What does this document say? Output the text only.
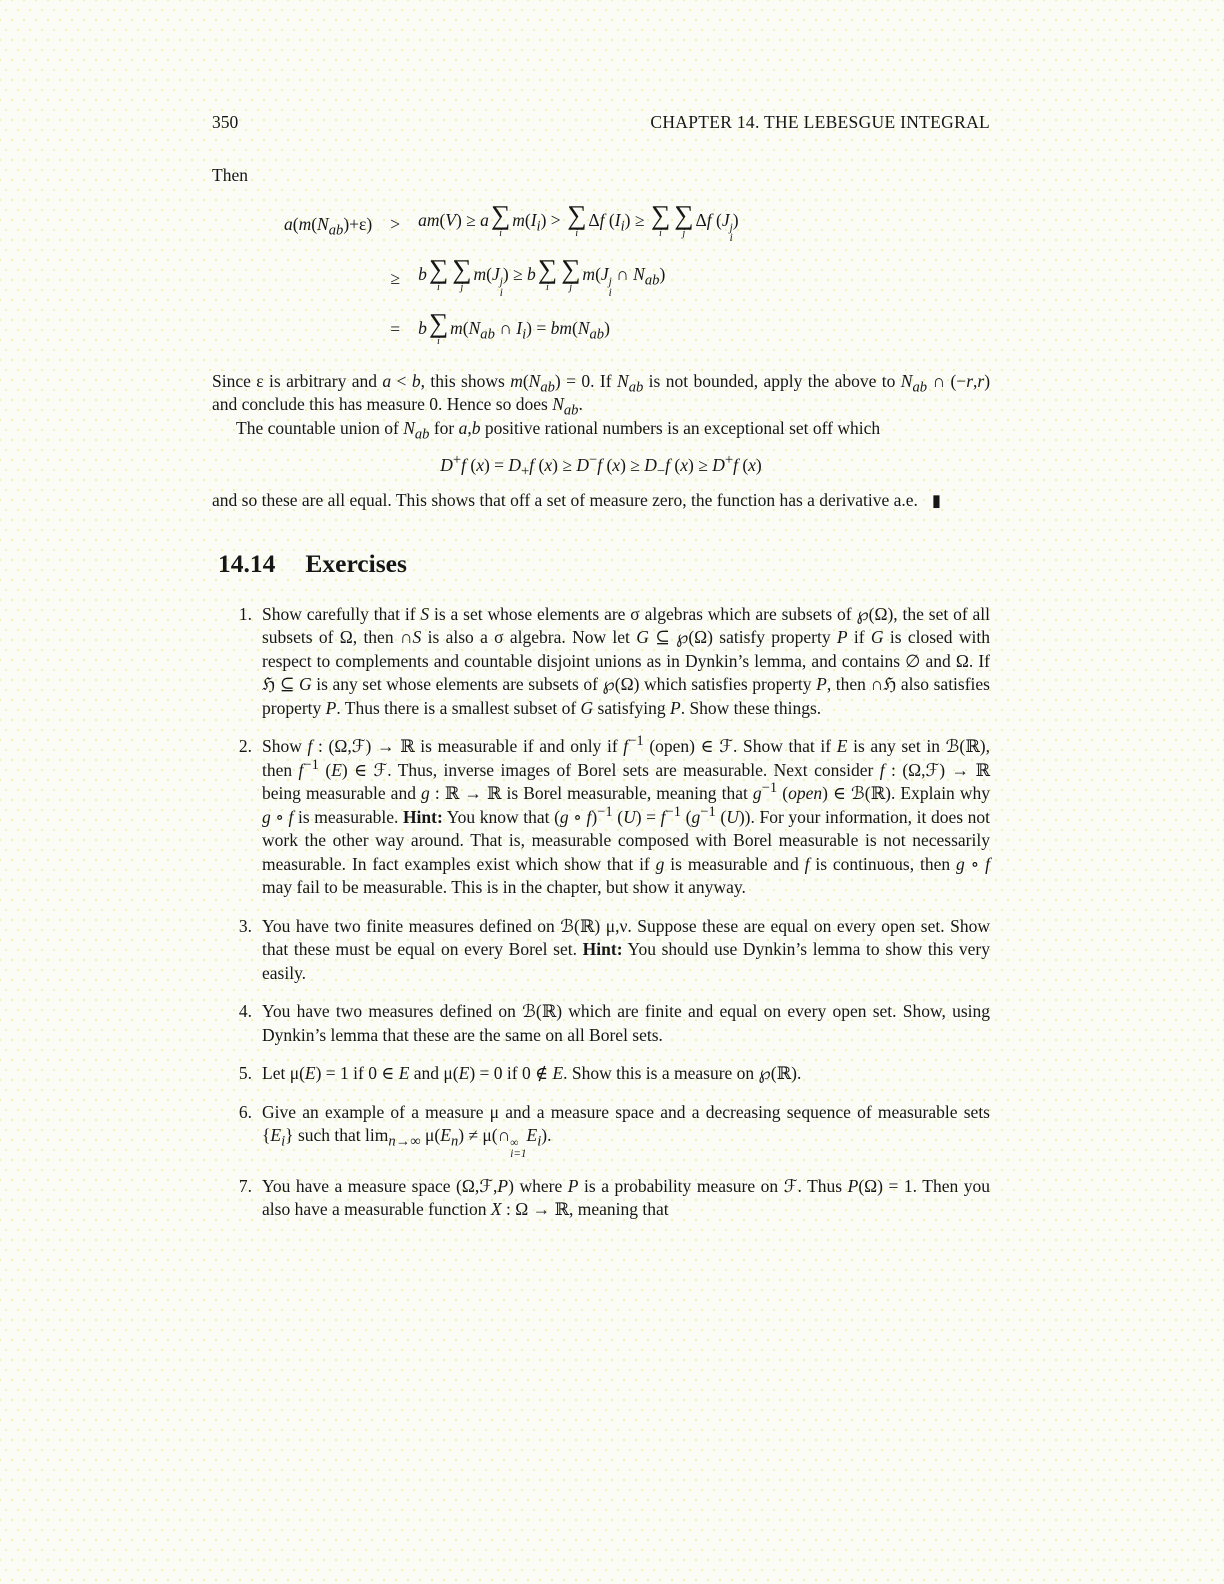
350	CHAPTER 14. THE LEBESGUE INTEGRAL

Then

$a(m(N_{ab})+\varepsilon) > am(V) \ge a$ ∑
i
$m(I_i)$ > ∑
i
Δf $(I_i)$ ≥ ∑
i
∑
j
Δf (J j
i
)
≥ b ∑
i
∑
j
m(J j
i
) ≥ b ∑
i
∑
j
m(J j
i
∩ $N_{ab}$)
= b ∑
i
$m(N_{ab}$ ∩ $I_i) = bm(N_{ab})$

Since ε is arbitrary and a < b, this shows $m(N_{ab}) = 0$. If $N_{ab}$ is not bounded, apply the above to $N_{ab}$ ∩ (−r,r) and conclude this has measure 0. Hence so does $N_{ab}$.

The countable union of $N_{ab}$ for a,b positive rational numbers is an exceptional set off which

D+f $(x) = D_+f$ (x) ≥ D−f $(x) \ge D_-f$ (x) ≥ D+f (x)

and so these are all equal. This shows that off a set of measure zero, the function has a derivative a.e. ▮

14.14 Exercises
1. Show carefully that if S is a set whose elements are σ algebras which are subsets of ℘(Ω), the set of all subsets of Ω, then ∩S is also a σ algebra. Now let G ⊆ ℘(Ω) satisfy property P if G is closed with respect to complements and countable disjoint unions as in Dynkin’s lemma, and contains ∅ and Ω. If ℌ ⊆ G is any set whose elements are subsets of ℘(Ω) which satisfies property P, then ∩ℌ also satisfies property P. Thus there is a smallest subset of G satisfying P. Show these things.
2. Show f : (Ω,ℱ) → ℝ is measurable if and only if $f^{-1}$ (open) ∈ ℱ. Show that if E is any set in ℬ(ℝ), then $f^{-1}$ (E) ∈ ℱ. Thus, inverse images of Borel sets are measurable. Next consider f : (Ω,ℱ) → ℝ being measurable and g : ℝ → ℝ is Borel measurable, meaning that $g^{-1}$ (open) ∈ ℬ(ℝ). Explain why g ∘ f is measurable. Hint: You know that (g ∘ f)$^{-1}$ $(U) = f^{-1}$ ($g^{-1}$ (U)). For your information, it does not work the other way around. That is, measurable composed with Borel measurable is not necessarily measurable. In fact examples exist which show that if g is measurable and f is continuous, then g ∘ f may fail to be measurable. This is in the chapter, but show it anyway.
3. You have two finite measures defined on ℬ(ℝ) μ,ν. Suppose these are equal on every open set. Show that these must be equal on every Borel set. Hint: You should use Dynkin’s lemma to show this very easily.
4. You have two measures defined on ℬ(ℝ) which are finite and equal on every open set. Show, using Dynkin’s lemma that these are the same on all Borel sets.
5. Let μ(E) = 1 if 0 ∈ E and μ(E) = 0 if 0 ∉ E. Show this is a measure on ℘(ℝ).
6. Give an example of a measure μ and a measure space and a decreasing sequence of measurable sets $\{E_i\}$ such that $\lim_{n\to\infty} \mu(E_n)$ ≠ μ(∩ ∞
i=1
$E_i$).
7. You have a measure space (Ω,ℱ,P) where P is a probability measure on ℱ. Thus P(Ω) = 1. Then you also have a measurable function X : Ω → ℝ, meaning that
